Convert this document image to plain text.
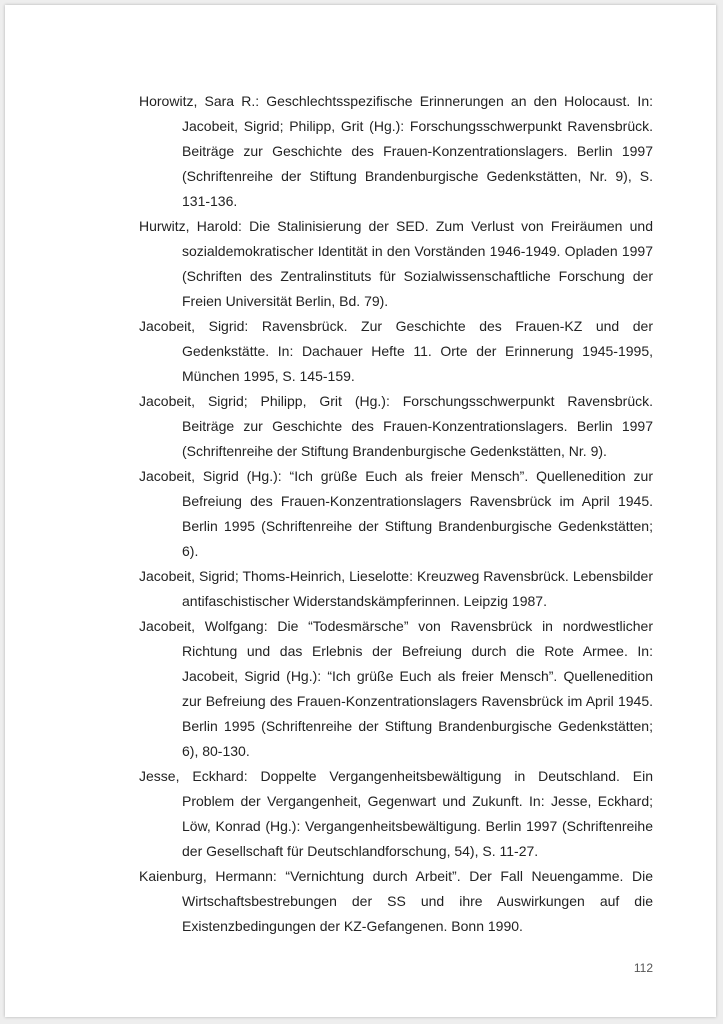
Horowitz, Sara R.: Geschlechtsspezifische Erinnerungen an den Holocaust. In: Jacobeit, Sigrid; Philipp, Grit (Hg.): Forschungsschwerpunkt Ravensbrück. Beiträge zur Geschichte des Frauen-Konzentrationslagers. Berlin 1997 (Schriftenreihe der Stiftung Brandenburgische Gedenkstätten, Nr. 9), S. 131-136.

Hurwitz, Harold: Die Stalinisierung der SED. Zum Verlust von Freiräumen und sozialdemokratischer Identität in den Vorständen 1946-1949. Opladen 1997 (Schriften des Zentralinstituts für Sozialwissenschaftliche Forschung der Freien Universität Berlin, Bd. 79).

Jacobeit, Sigrid: Ravensbrück. Zur Geschichte des Frauen-KZ und der Gedenkstätte. In: Dachauer Hefte 11. Orte der Erinnerung 1945-1995, München 1995, S. 145-159.

Jacobeit, Sigrid; Philipp, Grit (Hg.): Forschungsschwerpunkt Ravensbrück. Beiträge zur Geschichte des Frauen-Konzentrationslagers. Berlin 1997 (Schriftenreihe der Stiftung Brandenburgische Gedenkstätten, Nr. 9).

Jacobeit, Sigrid (Hg.): “Ich grüße Euch als freier Mensch”. Quellenedition zur Befreiung des Frauen-Konzentrationslagers Ravensbrück im April 1945. Berlin 1995 (Schriftenreihe der Stiftung Brandenburgische Gedenkstätten; 6).

Jacobeit, Sigrid; Thoms-Heinrich, Lieselotte: Kreuzweg Ravensbrück. Lebensbilder antifaschistischer Widerstandskämpferinnen. Leipzig 1987.

Jacobeit, Wolfgang: Die “Todesmärsche” von Ravensbrück in nordwestlicher Richtung und das Erlebnis der Befreiung durch die Rote Armee. In: Jacobeit, Sigrid (Hg.): “Ich grüße Euch als freier Mensch”. Quellenedition zur Befreiung des Frauen-Konzentrationslagers Ravensbrück im April 1945. Berlin 1995 (Schriftenreihe der Stiftung Brandenburgische Gedenkstätten; 6), 80-130.

Jesse, Eckhard: Doppelte Vergangenheitsbewältigung in Deutschland. Ein Problem der Vergangenheit, Gegenwart und Zukunft. In: Jesse, Eckhard; Löw, Konrad (Hg.): Vergangenheitsbewältigung. Berlin 1997 (Schriftenreihe der Gesellschaft für Deutschlandforschung, 54), S. 11-27.

Kaienburg, Hermann: “Vernichtung durch Arbeit”. Der Fall Neuengamme. Die Wirtschaftsbestrebungen der SS und ihre Auswirkungen auf die Existenzbedingungen der KZ-Gefangenen. Bonn 1990.

112
